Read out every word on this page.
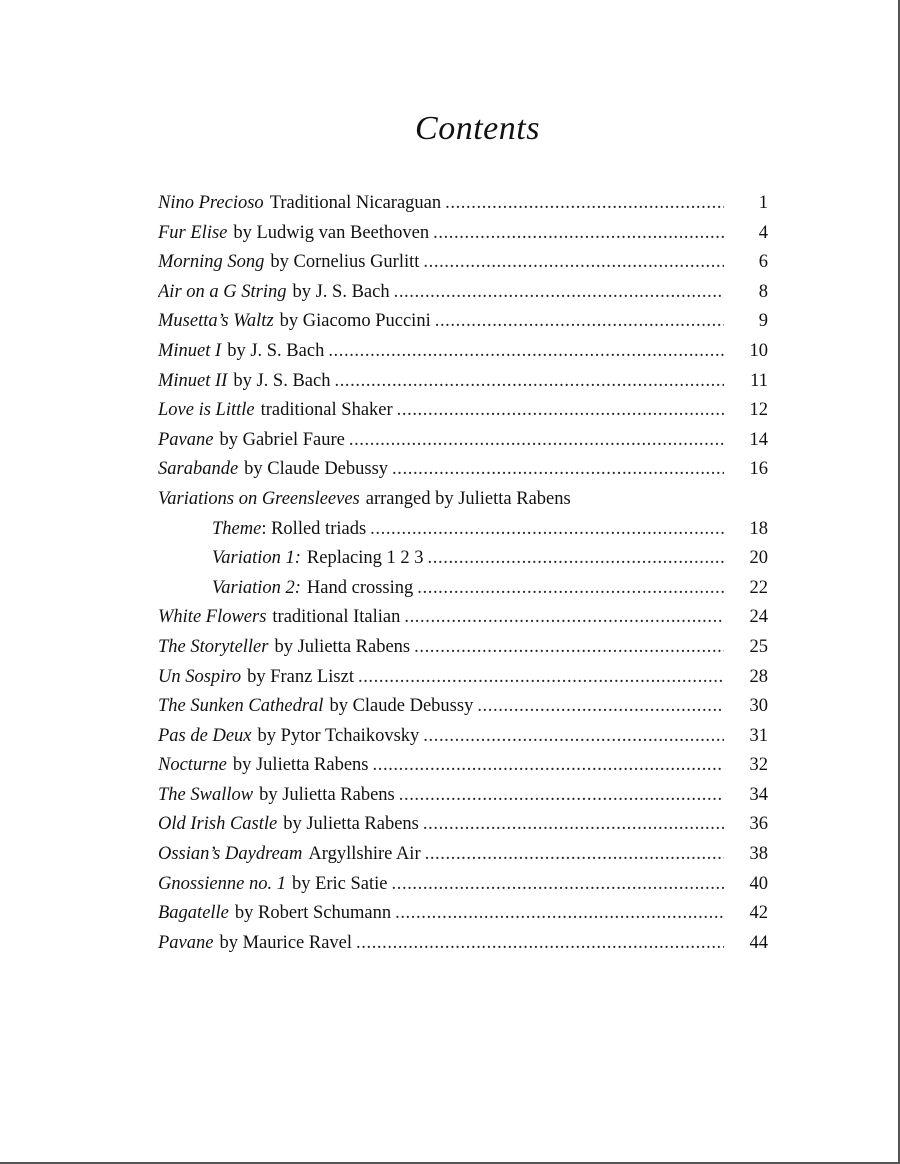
Contents
Nino Precioso Traditional Nicaraguan .....	1
Fur Elise by Ludwig van Beethoven .....	4
Morning Song by Cornelius Gurlitt .....	6
Air on a G String by J. S. Bach .....	8
Musetta’s Waltz by Giacomo Puccini .....	9
Minuet I by J. S. Bach .....	10
Minuet II by J. S. Bach .....	11
Love is Little traditional Shaker .....	12
Pavane by Gabriel Faure .....	14
Sarabande by Claude Debussy .....	16
Variations on Greensleeves arranged by Julietta Rabens
Theme : Rolled triads .....	18
Variation 1: Replacing 1 2 3 .....	20
Variation 2: Hand crossing .....	22
White Flowers traditional Italian .....	24
The Storyteller by Julietta Rabens .....	25
Un Sospiro by Franz Liszt .....	28
The Sunken Cathedral by Claude Debussy .....	30
Pas de Deux by Pytor Tchaikovsky .....	31
Nocturne by Julietta Rabens .....	32
The Swallow by Julietta Rabens .....	34
Old Irish Castle by Julietta Rabens .....	36
Ossian’s Daydream Argyllshire Air .....	38
Gnossienne no. 1 by Eric Satie .....	40
Bagatelle by Robert Schumann .....	42
Pavane by Maurice Ravel .....	44
